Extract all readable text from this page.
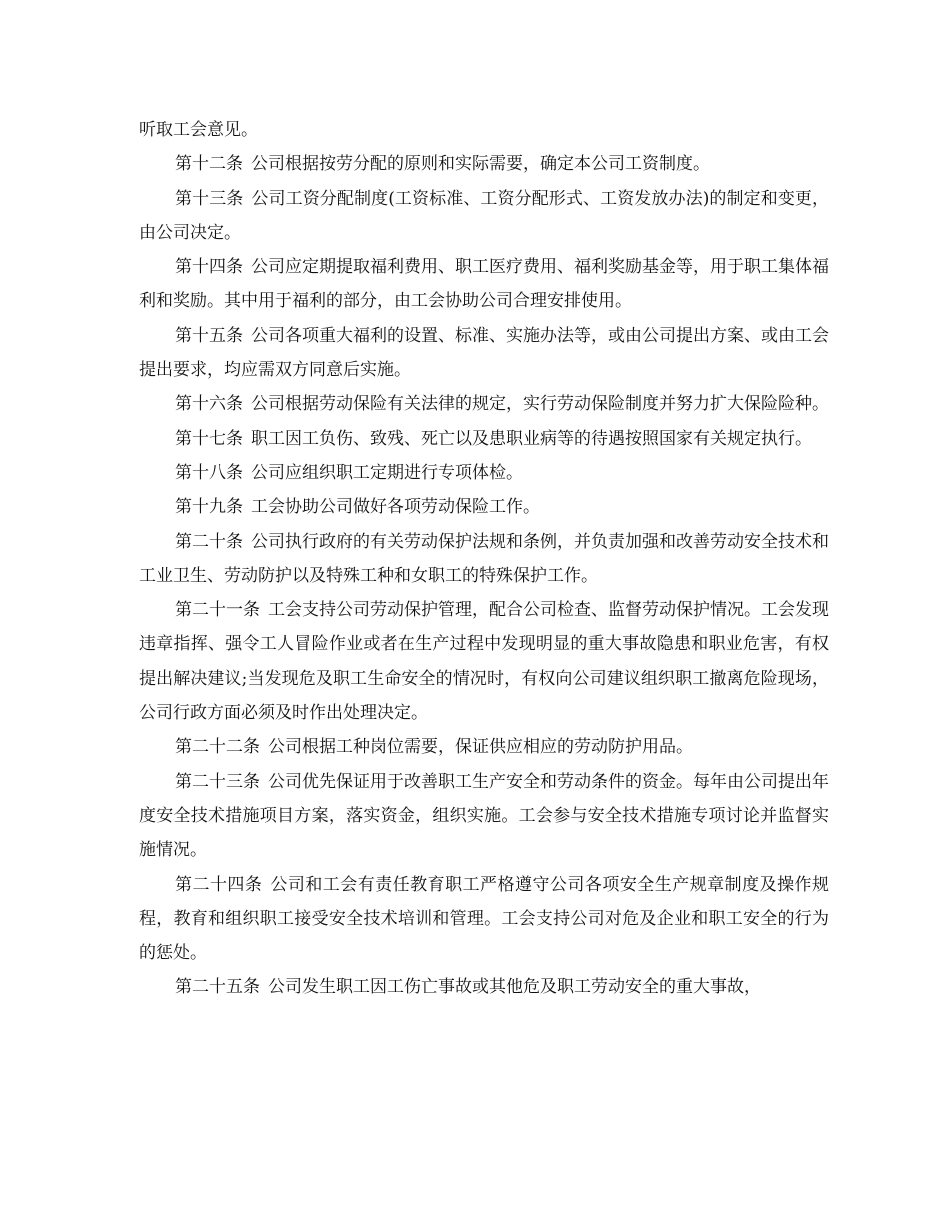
听取工会意见。

第十二条 公司根据按劳分配的原则和实际需要，确定本公司工资制度。

第十三条 公司工资分配制度(工资标准、工资分配形式、工资发放办法)的制定和变更，由公司决定。

第十四条 公司应定期提取福利费用、职工医疗费用、福利奖励基金等，用于职工集体福利和奖励。其中用于福利的部分，由工会协助公司合理安排使用。

第十五条 公司各项重大福利的设置、标准、实施办法等，或由公司提出方案、或由工会提出要求，均应需双方同意后实施。

第十六条 公司根据劳动保险有关法律的规定，实行劳动保险制度并努力扩大保险险种。

第十七条 职工因工负伤、致残、死亡以及患职业病等的待遇按照国家有关规定执行。

第十八条 公司应组织职工定期进行专项体检。

第十九条 工会协助公司做好各项劳动保险工作。

第二十条 公司执行政府的有关劳动保护法规和条例，并负责加强和改善劳动安全技术和工业卫生、劳动防护以及特殊工种和女职工的特殊保护工作。

第二十一条 工会支持公司劳动保护管理，配合公司检查、监督劳动保护情况。工会发现违章指挥、强令工人冒险作业或者在生产过程中发现明显的重大事故隐患和职业危害，有权提出解决建议;当发现危及职工生命安全的情况时，有权向公司建议组织职工撤离危险现场，公司行政方面必须及时作出处理决定。

第二十二条 公司根据工种岗位需要，保证供应相应的劳动防护用品。

第二十三条 公司优先保证用于改善职工生产安全和劳动条件的资金。每年由公司提出年度安全技术措施项目方案，落实资金，组织实施。工会参与安全技术措施专项讨论并监督实施情况。

第二十四条 公司和工会有责任教育职工严格遵守公司各项安全生产规章制度及操作规程，教育和组织职工接受安全技术培训和管理。工会支持公司对危及企业和职工安全的行为的惩处。

第二十五条 公司发生职工因工伤亡事故或其他危及职工劳动安全的重大事故，
